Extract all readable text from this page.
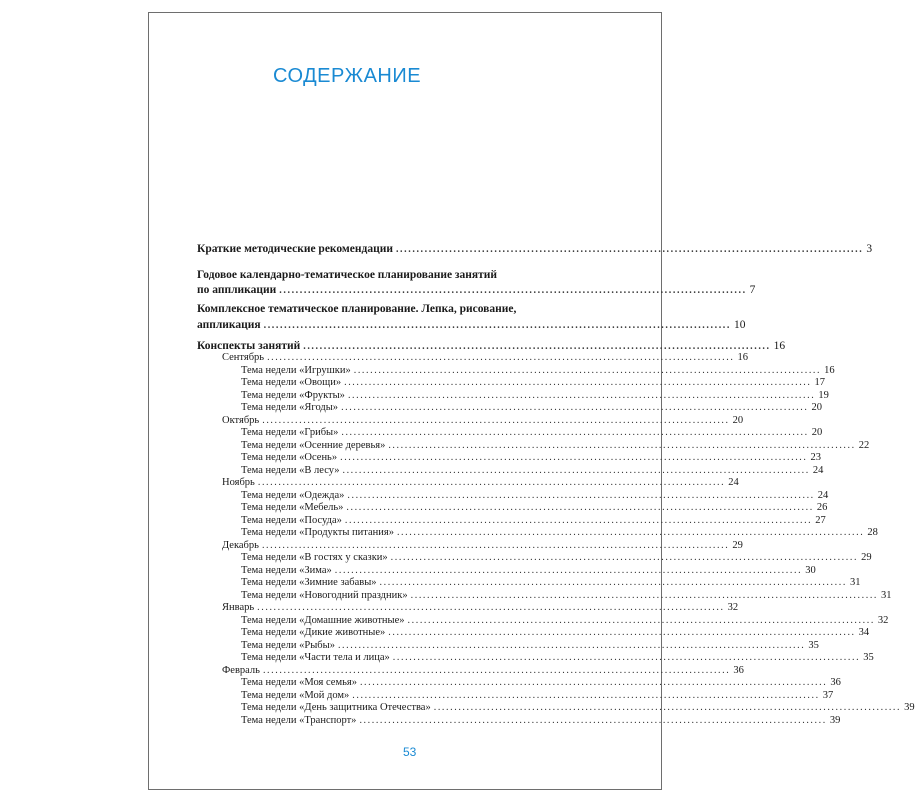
СОДЕРЖАНИЕ
Краткие методические рекомендации .................................................................................................................. 3
Годовое календарно-тематическое планирование занятий
по аппликации .................................................................................................................. 7
Комплексное тематическое планирование. Лепка, рисование,
аппликация .................................................................................................................. 10
Конспекты занятий .................................................................................................................. 16
Сентябрь .................................................................................................................. 16
Тема недели «Игрушки» .................................................................................................................. 16
Тема недели «Овощи» .................................................................................................................. 17
Тема недели «Фрукты» .................................................................................................................. 19
Тема недели «Ягоды» .................................................................................................................. 20
Октябрь .................................................................................................................. 20
Тема недели «Грибы» .................................................................................................................. 20
Тема недели «Осенние деревья» .................................................................................................................. 22
Тема недели «Осень» .................................................................................................................. 23
Тема недели «В лесу» .................................................................................................................. 24
Ноябрь .................................................................................................................. 24
Тема недели «Одежда» .................................................................................................................. 24
Тема недели «Мебель» .................................................................................................................. 26
Тема недели «Посуда» .................................................................................................................. 27
Тема недели «Продукты питания» .................................................................................................................. 28
Декабрь .................................................................................................................. 29
Тема недели «В гостях у сказки» .................................................................................................................. 29
Тема недели «Зима» .................................................................................................................. 30
Тема недели «Зимние забавы» .................................................................................................................. 31
Тема недели «Новогодний праздник» .................................................................................................................. 31
Январь .................................................................................................................. 32
Тема недели «Домашние животные» .................................................................................................................. 32
Тема недели «Дикие животные» .................................................................................................................. 34
Тема недели «Рыбы» .................................................................................................................. 35
Тема недели «Части тела и лица» .................................................................................................................. 35
Февраль .................................................................................................................. 36
Тема недели «Моя семья» .................................................................................................................. 36
Тема недели «Мой дом» .................................................................................................................. 37
Тема недели «День защитника Отечества» .................................................................................................................. 39
Тема недели «Транспорт» .................................................................................................................. 39
53
